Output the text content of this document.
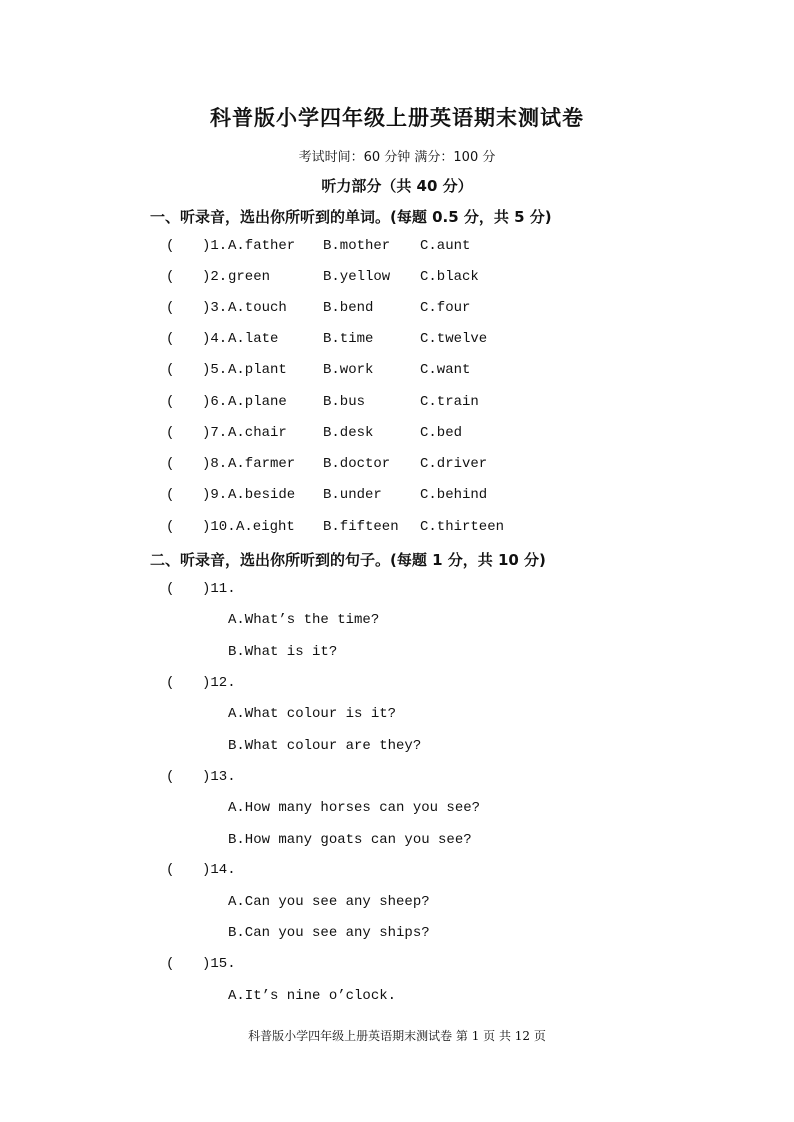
科普版小学四年级上册英语期末测试卷
考试时间：60 分钟 满分：100 分
听力部分（共 40 分）
一、听录音，选出你所听到的单词。(每题 0.5 分，共 5 分)
( )1. A.father B.mother C.aunt
( )2. green	B.yellow C.black
( )3. A.touch	B.bend	C.four
( )4. A.late	B.time	C.twelve
( )5. A.plant	B.work	C.want
( )6. A.plane	B.bus	C.train
( )7. A.chair	B.desk	C.bed
( )8. A.farmer B.doctor C.driver
( )9. A.beside B.under	C.behind
( )10. A.eight B.fifteen C.thirteen
二、听录音，选出你所听到的句子。(每题 1 分，共 10 分)
( )11.
A.What’s the time?
B.What is it?
( )12.
A.What colour is it?
B.What colour are they?
( )13.
A.How many horses can you see?
B.How many goats can you see?
( )14.
A.Can you see any sheep?
B.Can you see any ships?
( )15.
A.It’s nine o’clock.
科普版小学四年级上册英语期末测试卷 第 1 页 共 12 页
